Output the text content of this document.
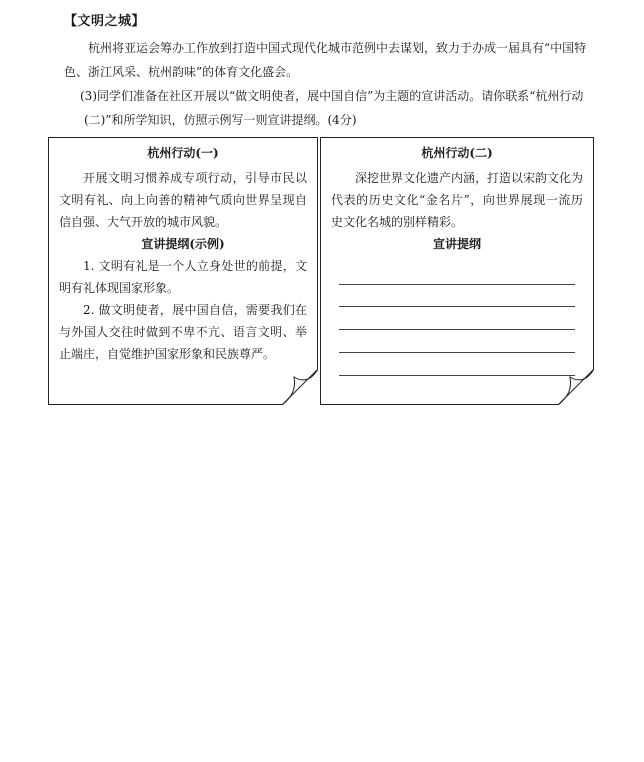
【文明之城】
杭州将亚运会筹办工作放到打造中国式现代化城市范例中去谋划，致力于办成一届具有“中国特色、浙江风采、杭州韵味”的体育文化盛会。
(3)同学们准备在社区开展以“做文明使者，展中国自信”为主题的宣讲活动。请你联系“杭州行动(二)”和所学知识，仿照示例写一则宣讲提纲。(4分)
杭州行动(一)
开展文明习惯养成专项行动，引导市民以文明有礼、向上向善的精神气质向世界呈现自信自强、大气开放的城市风貌。
宣讲提纲(示例)
1. 文明有礼是一个人立身处世的前提，文明有礼体现国家形象。
2. 做文明使者，展中国自信，需要我们在与外国人交往时做到不卑不亢、语言文明、举止端庄，自觉维护国家形象和民族尊严。
杭州行动(二)
深挖世界文化遗产内涵，打造以宋韵文化为代表的历史文化“金名片”，向世界展现一流历史文化名城的别样精彩。
宣讲提纲
